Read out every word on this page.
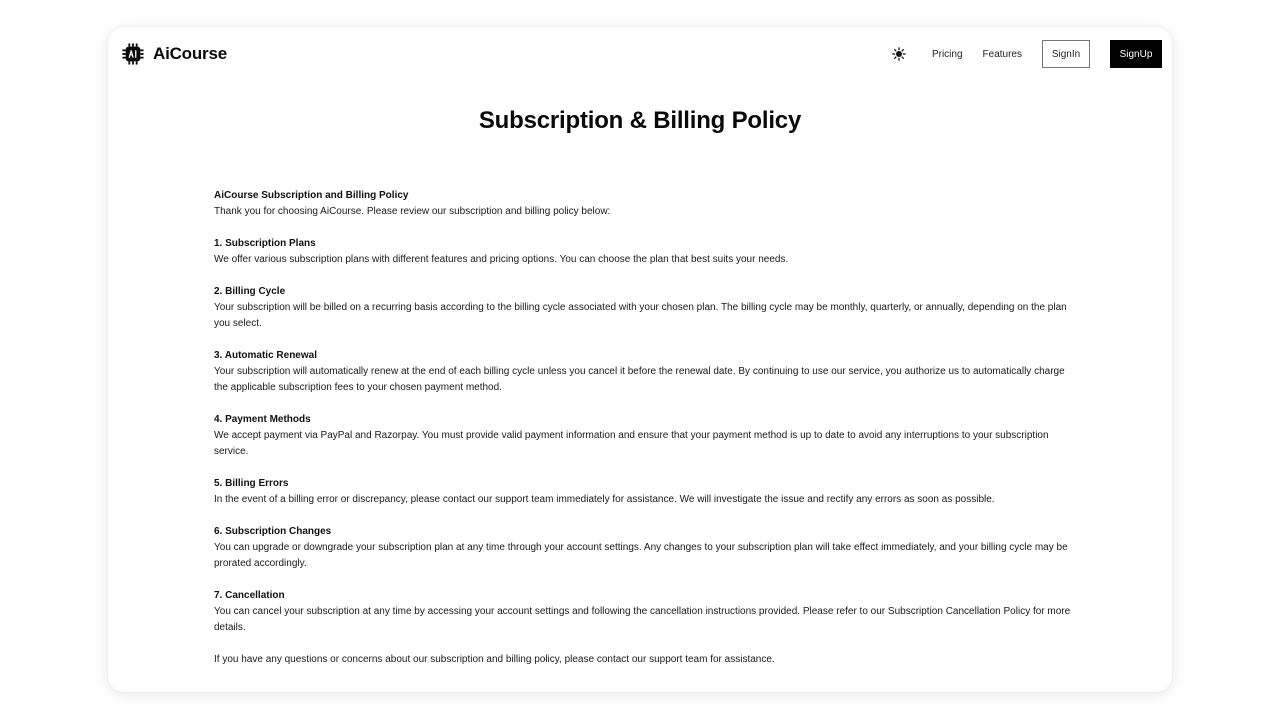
AiCourse	Pricing Features	SignIn	SignUp
Subscription & Billing Policy
AiCourse Subscription and Billing Policy
Thank you for choosing AiCourse. Please review our subscription and billing policy below:
1. Subscription Plans
We offer various subscription plans with different features and pricing options. You can choose the plan that best suits your needs.
2. Billing Cycle
Your subscription will be billed on a recurring basis according to the billing cycle associated with your chosen plan. The billing cycle may be monthly, quarterly, or annually, depending on the plan you select.
3. Automatic Renewal
Your subscription will automatically renew at the end of each billing cycle unless you cancel it before the renewal date. By continuing to use our service, you authorize us to automatically charge the applicable subscription fees to your chosen payment method.
4. Payment Methods
We accept payment via PayPal and Razorpay. You must provide valid payment information and ensure that your payment method is up to date to avoid any interruptions to your subscription service.
5. Billing Errors
In the event of a billing error or discrepancy, please contact our support team immediately for assistance. We will investigate the issue and rectify any errors as soon as possible.
6. Subscription Changes
You can upgrade or downgrade your subscription plan at any time through your account settings. Any changes to your subscription plan will take effect immediately, and your billing cycle may be prorated accordingly.
7. Cancellation
You can cancel your subscription at any time by accessing your account settings and following the cancellation instructions provided. Please refer to our Subscription Cancellation Policy for more details.
If you have any questions or concerns about our subscription and billing policy, please contact our support team for assistance.
